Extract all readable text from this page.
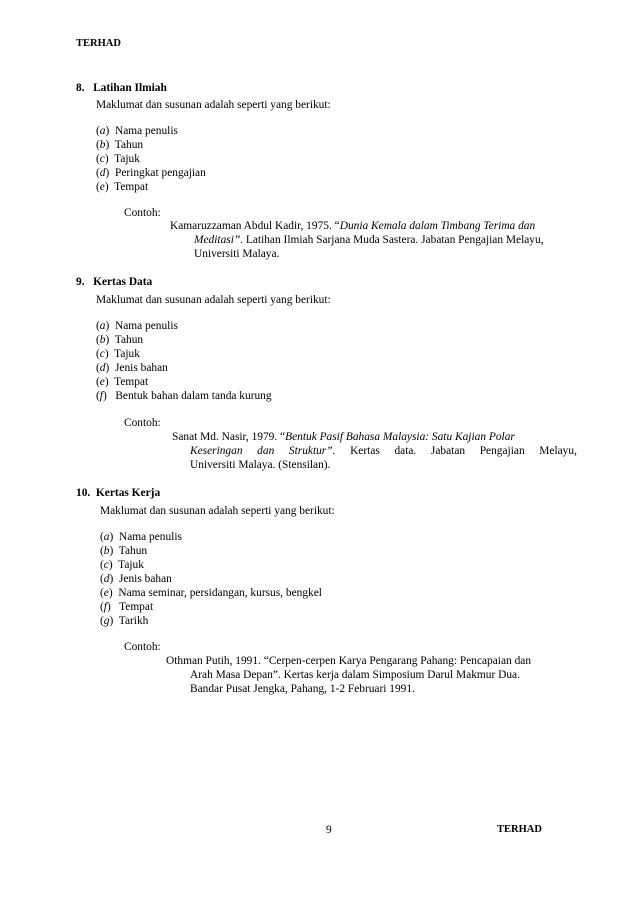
TERHAD
8.   Latihan Ilmiah
Maklumat dan susunan adalah seperti yang berikut:
(a)  Nama penulis
(b)  Tahun
(c)  Tajuk
(d)  Peringkat pengajian
(e)  Tempat
Contoh:
Kamaruzzaman Abdul Kadir, 1975. “Dunia Kemala dalam Timbang Terima dan
Meditasi”. Latihan Ilmiah Sarjana Muda Sastera. Jabatan Pengajian Melayu,
Universiti Malaya.
9.   Kertas Data
Maklumat dan susunan adalah seperti yang berikut:
(a)  Nama penulis
(b)  Tahun
(c)  Tajuk
(d)  Jenis bahan
(e)  Tempat
(f)   Bentuk bahan dalam tanda kurung
Contoh:
Sanat Md. Nasir, 1979. “Bentuk Pasif Bahasa Malaysia: Satu Kajian Polar
Keseringan dan Struktur”. Kertas data. Jabatan Pengajian Melayu,
Universiti Malaya. (Stensilan).
10.  Kertas Kerja
Maklumat dan susunan adalah seperti yang berikut:
(a)  Nama penulis
(b)  Tahun
(c)  Tajuk
(d)  Jenis bahan
(e)  Nama seminar, persidangan, kursus, bengkel
(f)   Tempat
(g)  Tarikh
Contoh:
Othman Putih, 1991. “Cerpen-cerpen Karya Pengarang Pahang: Pencapaian dan
Arah Masa Depan”. Kertas kerja dalam Simposium Darul Makmur Dua.
Bandar Pusat Jengka, Pahang, 1-2 Februari 1991.
9	TERHAD
